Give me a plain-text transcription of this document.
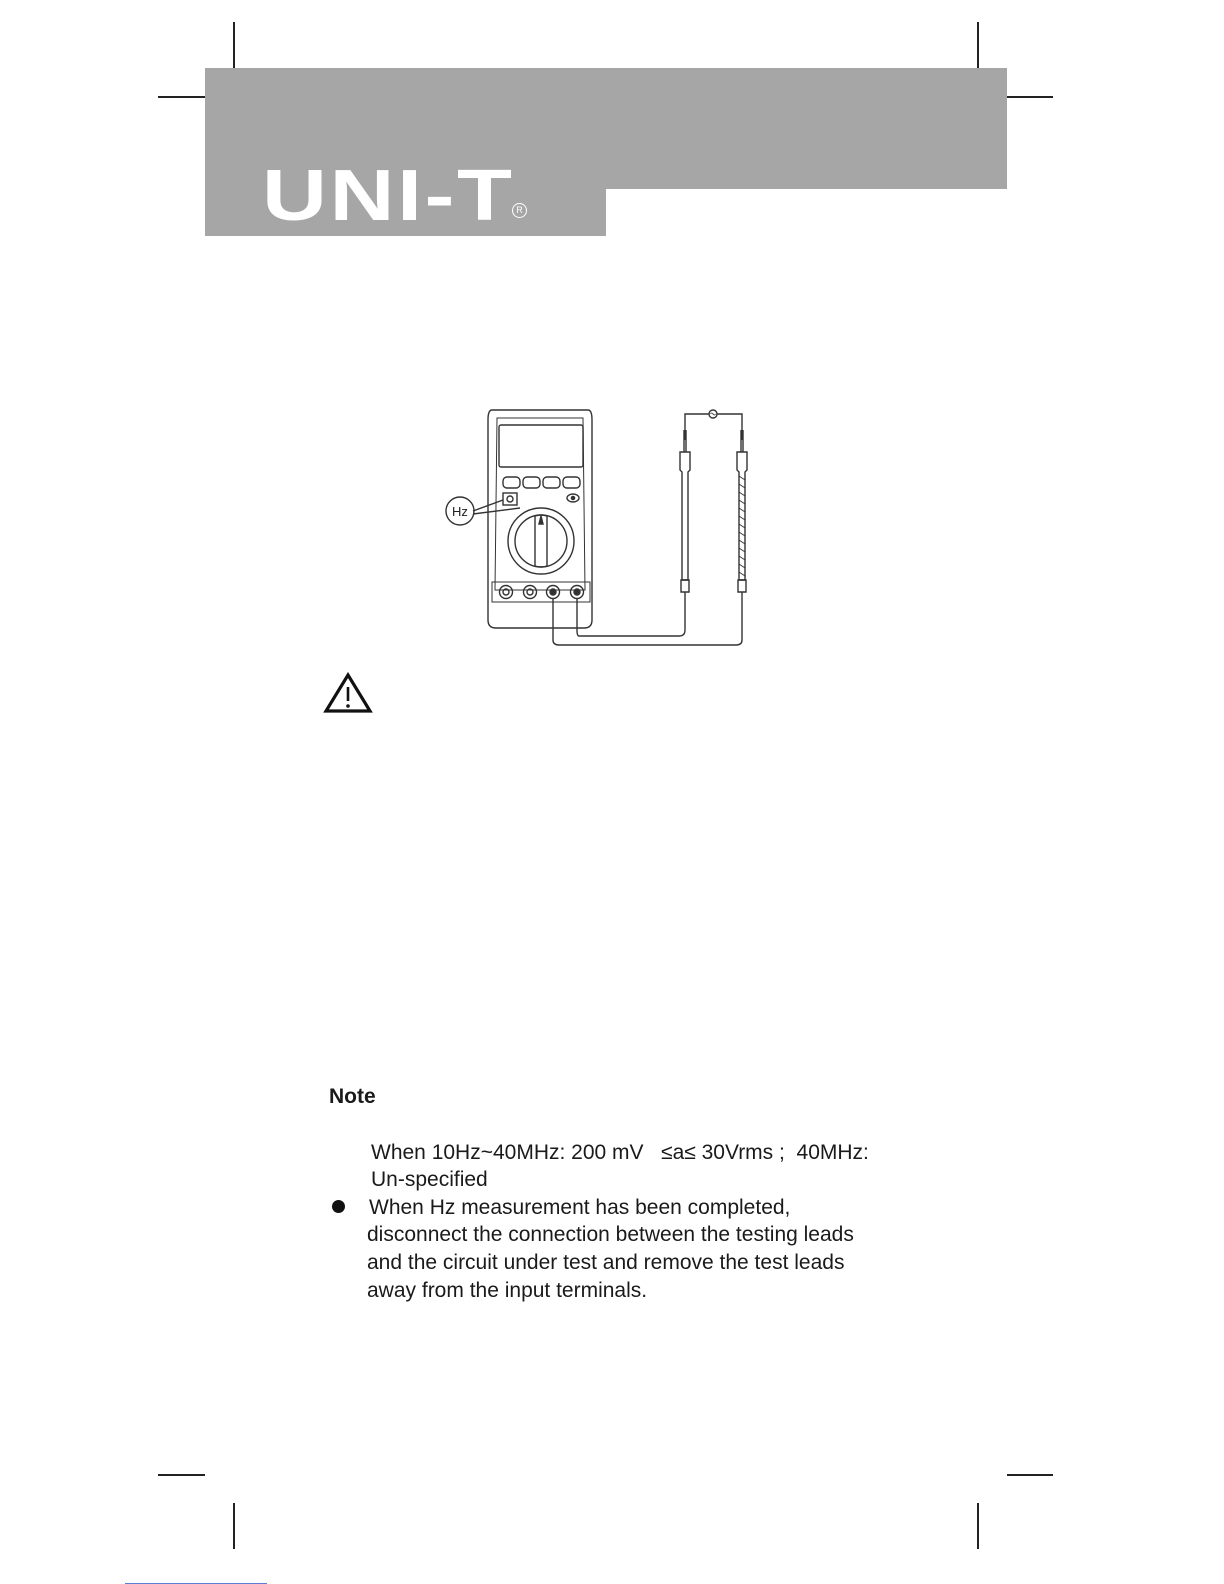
UNI-T R
Hz
Note
When 10Hz~40MHz: 200 mV   ≤a≤ 30Vrms ;  40MHz:
Un-specified
When Hz measurement has been completed,
disconnect the connection between the testing leads
and the circuit under test and remove the test leads
away from the input terminals.
